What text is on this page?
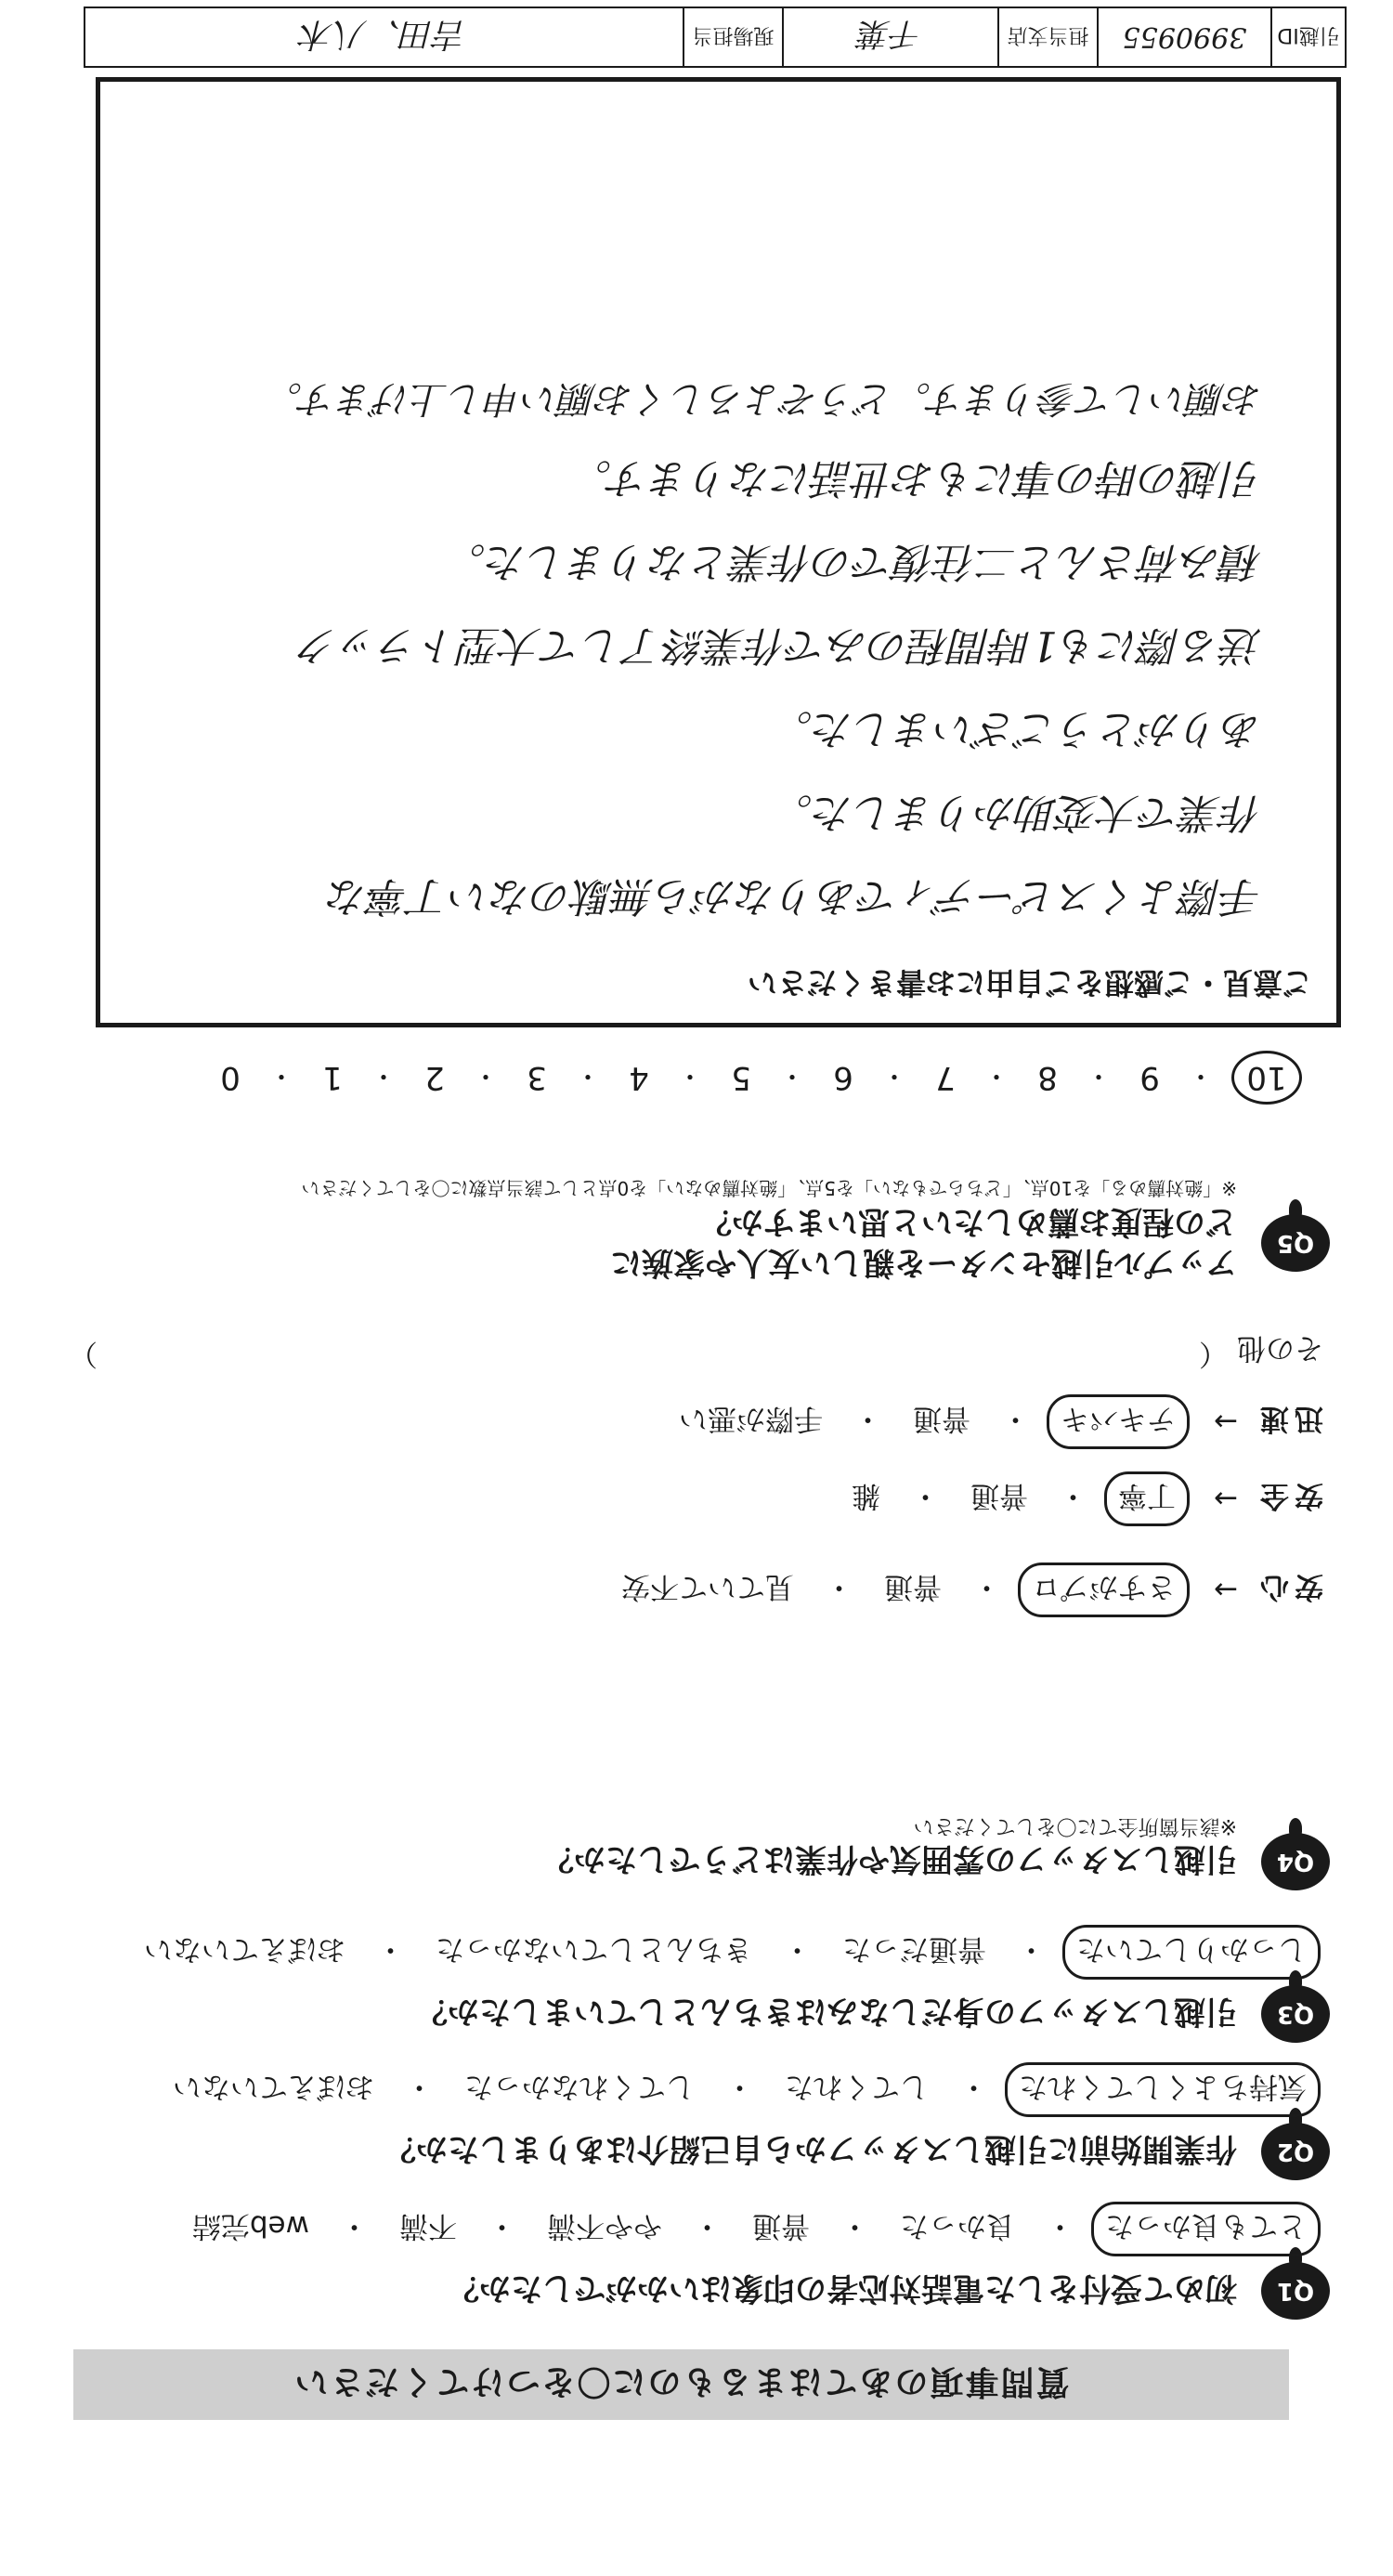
質問事項のあてはまるものに〇をつけてください
Q1
初めて受付をした電話対応者の印象はいかがでしたか？
とても良かった
・
良かった
・
普通
・
やや不満
・
不満
・
web完結
Q2
作業開始前に引越しスタッフから自己紹介はありましたか？
気持ちよくしてくれた
・
してくれた
・
してくれなかった
・
おぼえていない
Q3
引越しスタッフの身だしなみはきちんとしていましたか？
しっかりしていた
・
普通だった
・
きちんとしていなかった
・
おぼえていない
Q4
引越しスタッフの雰囲気や作業はどうでしたか？
※該当箇所全てに〇をしてください
安心
→
さすがプロ
・
普通
・
見ていて不安
安全
→
丁寧
・
普通
・
雑
迅速
→
テキパキ
・
普通
・
手際が悪い
その他
（
）
Q5
アップル引越センターを親しい友人や家族に
どの程度お薦めしたいと思いますか？
※「絶対薦める」を10点、「どちらでもない」を5点、「絶対薦めない」を0点として該当点数に〇をしてください
10
・
9
・
8
・
7
・
6
・
5
・
4
・
3
・
2
・
1
・
0
ご意見・ご感想をご自由にお書きください
手際よくスピーディでありながら無駄のない丁寧な
作業で大変助かりました。
ありがとうございました。
送る際にも1時間程のみで作業終了して大型トラック
積み荷さんと二往復での作業となりました。
引越の時の事にもお世話になります。
お願いして参ります。どうぞよろしくお願い申し上げます。
引越ID
3990955
担当支店
千葉
現場担当
吉田、八木
